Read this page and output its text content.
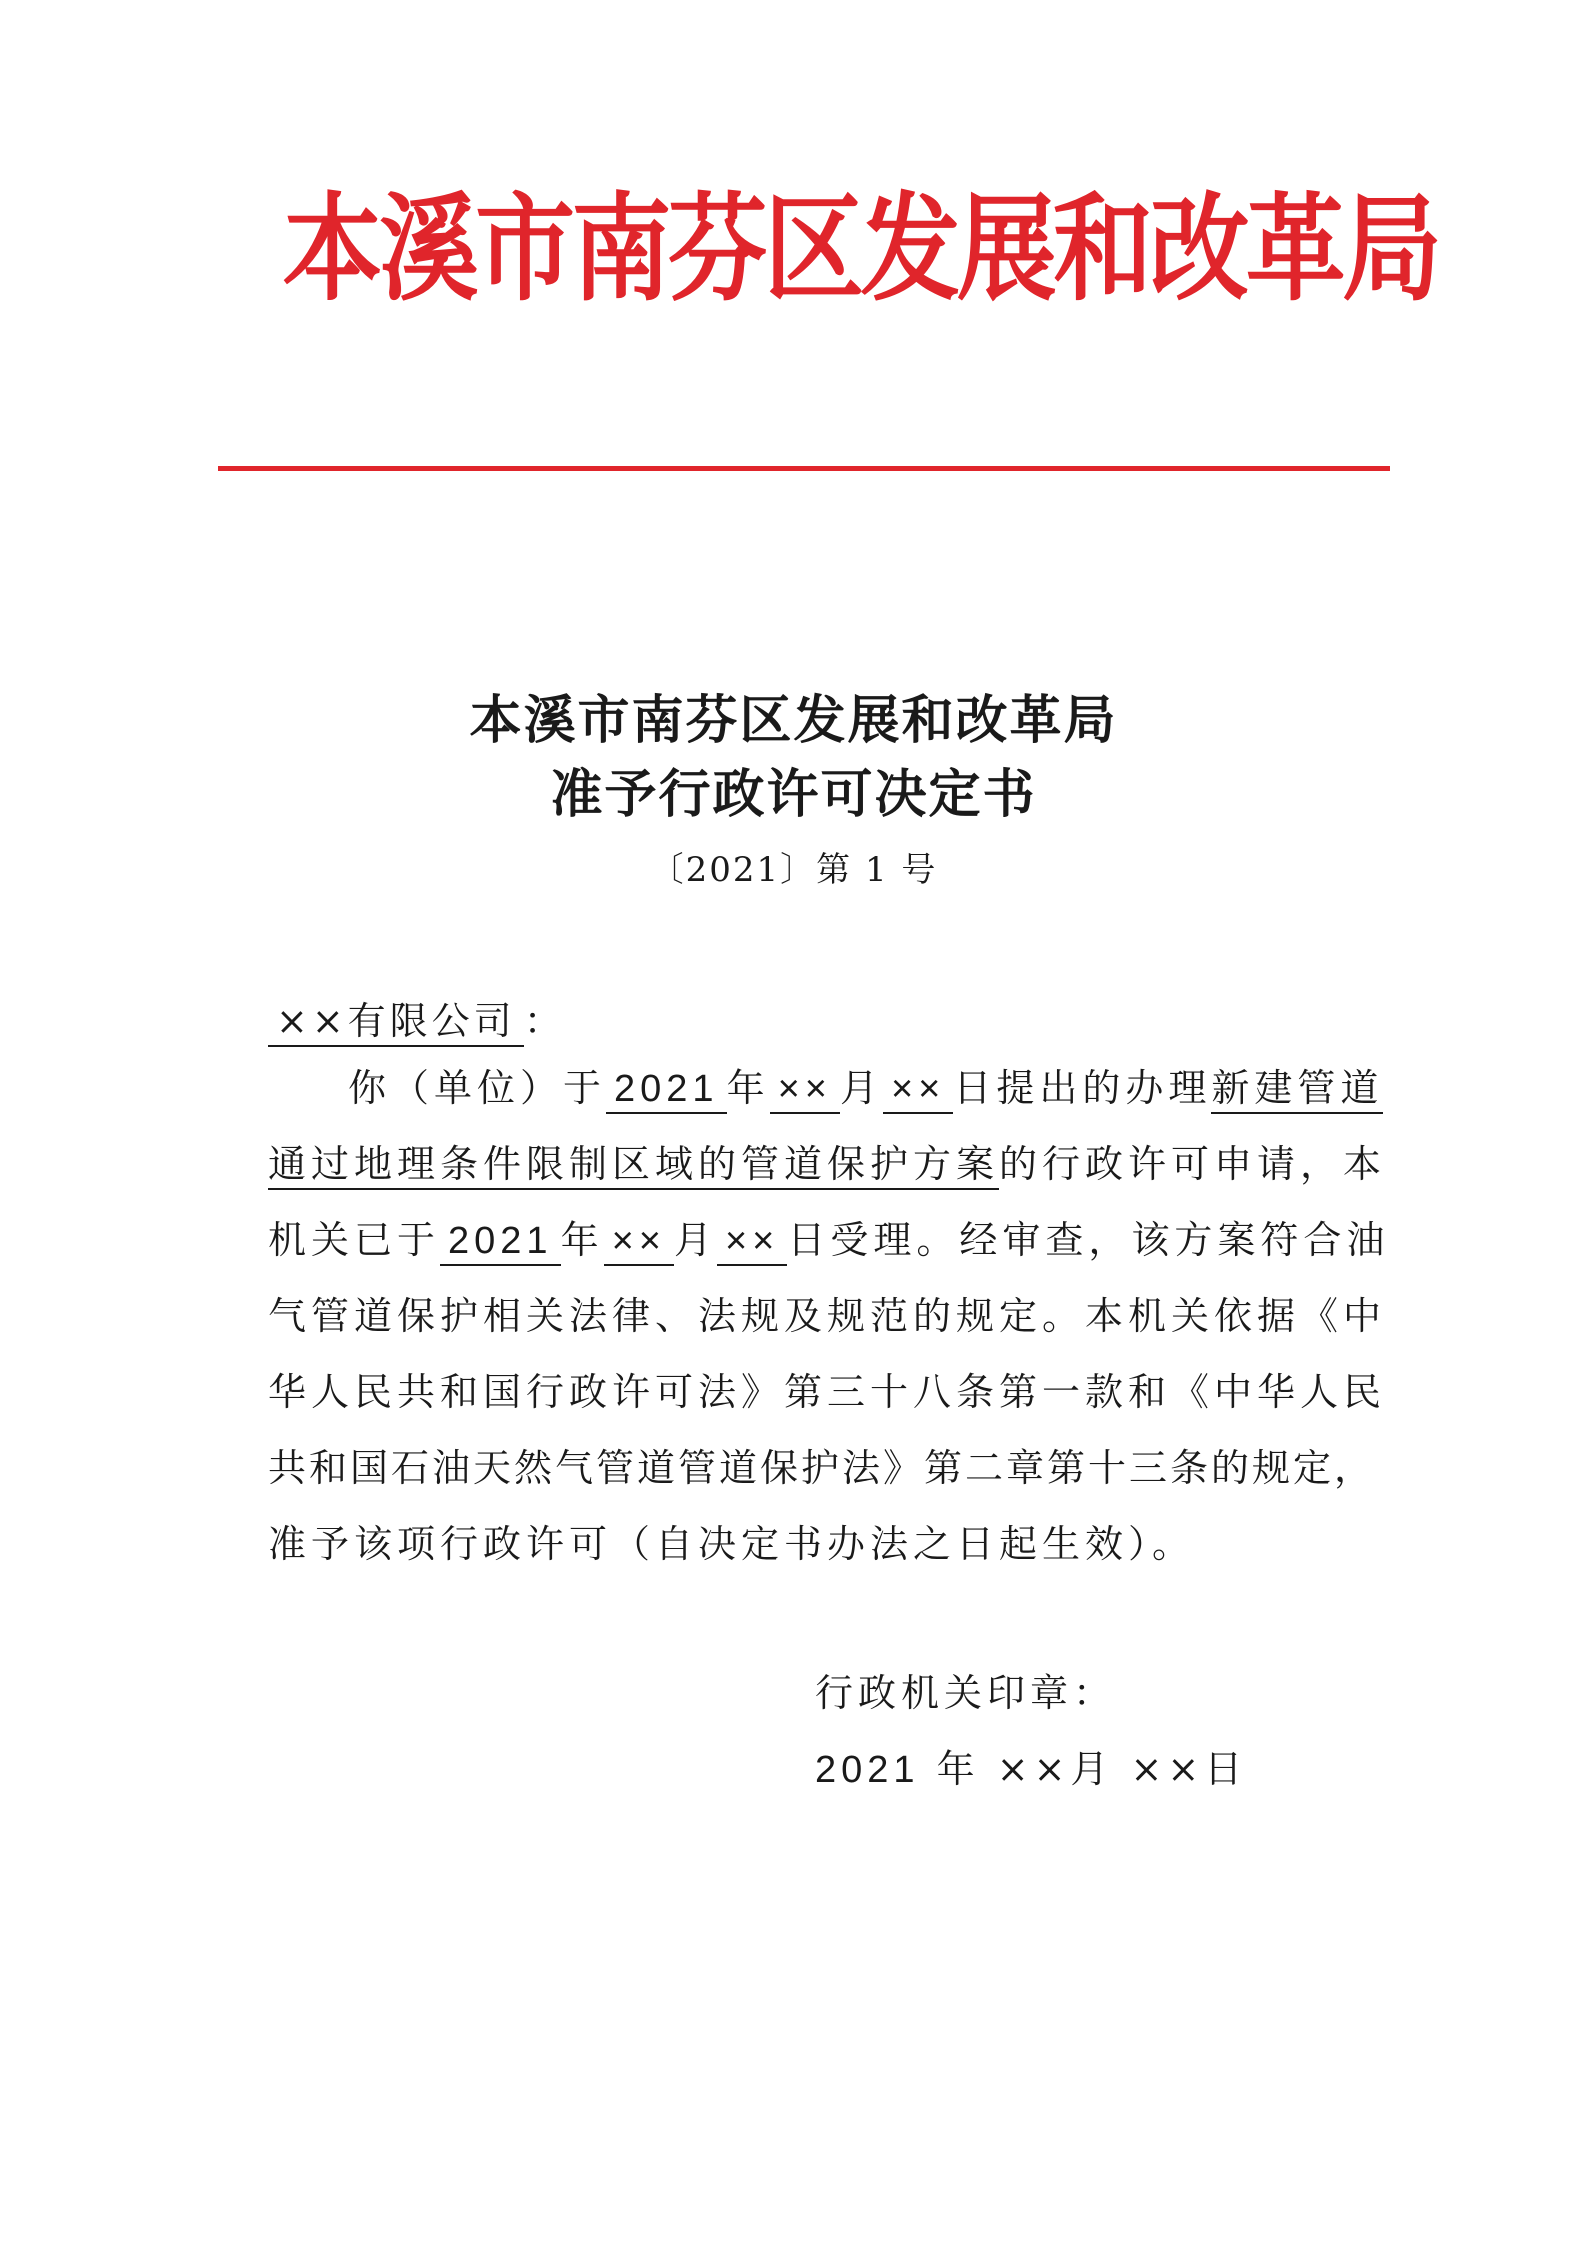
本溪市南芬区发展和改革局
本溪市南芬区发展和改革局
准予行政许可决定书
〔2021〕第 1 号
××有限公司 ：
你（单位）于 2021 年 ×× 月 ×× 日提出的办理新建管道
通过地理条件限制区域的管道保护方案的行政许可申请，本
机关已于 2021 年 ×× 月 ×× 日受理。经审查，该方案符合油
气管道保护相关法律、法规及规范的规定。本机关依据《中
华人民共和国行政许可法》第三十八条第一款和《中华人民
共和国石油天然气管道管道保护法》第二章第十三条的规定，
准予该项行政许可（自决定书办法之日起生效）。
行政机关印章：
2021 年 ××月 ××日
